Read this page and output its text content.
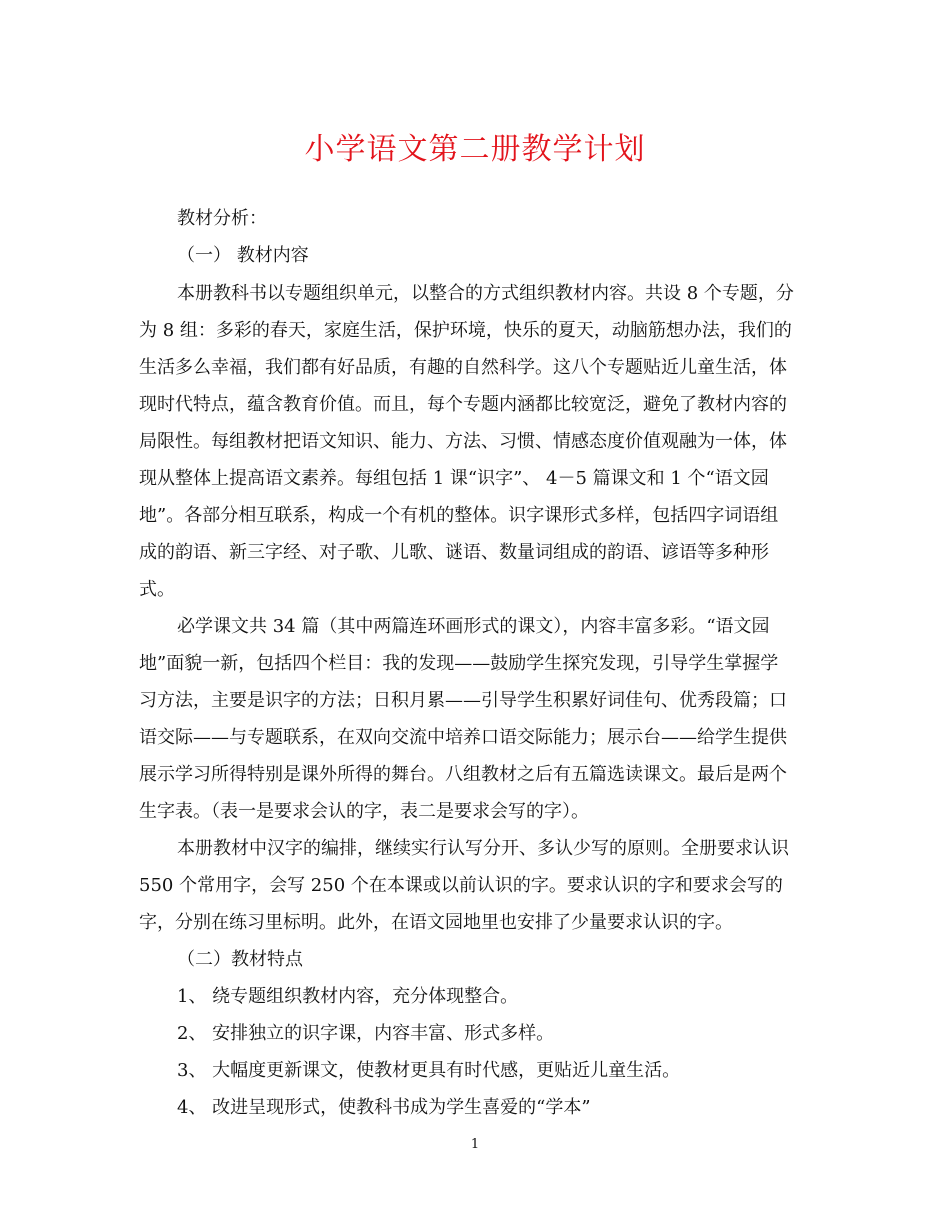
小学语文第二册教学计划
教材分析：
（一） 教材内容
本册教科书以专题组织单元，以整合的方式组织教材内容。共设 8 个专题，分
为 8 组：多彩的春天，家庭生活，保护环境，快乐的夏天，动脑筋想办法，我们的
生活多么幸福，我们都有好品质，有趣的自然科学。这八个专题贴近儿童生活，体
现时代特点，蕴含教育价值。而且，每个专题内涵都比较宽泛，避免了教材内容的
局限性。每组教材把语文知识、能力、方法、习惯、情感态度价值观融为一体，体
现从整体上提高语文素养。每组包括 1 课“识字”、 4－5 篇课文和 1 个“语文园
地”。各部分相互联系，构成一个有机的整体。识字课形式多样，包括四字词语组
成的韵语、新三字经、对子歌、儿歌、谜语、数量词组成的韵语、谚语等多种形
式。
必学课文共 34 篇（其中两篇连环画形式的课文），内容丰富多彩。“语文园
地”面貌一新，包括四个栏目：我的发现——鼓励学生探究发现，引导学生掌握学
习方法，主要是识字的方法；日积月累——引导学生积累好词佳句、优秀段篇；口
语交际——与专题联系，在双向交流中培养口语交际能力；展示台——给学生提供
展示学习所得特别是课外所得的舞台。八组教材之后有五篇选读课文。最后是两个
生字表。（表一是要求会认的字，表二是要求会写的字）。
本册教材中汉字的编排，继续实行认写分开、多认少写的原则。全册要求认识
550 个常用字，会写 250 个在本课或以前认识的字。要求认识的字和要求会写的
字，分别在练习里标明。此外，在语文园地里也安排了少量要求认识的字。
（二）教材特点
1、 绕专题组织教材内容，充分体现整合。
2、 安排独立的识字课，内容丰富、形式多样。
3、 大幅度更新课文，使教材更具有时代感，更贴近儿童生活。
4、 改进呈现形式，使教科书成为学生喜爱的“学本”
1
